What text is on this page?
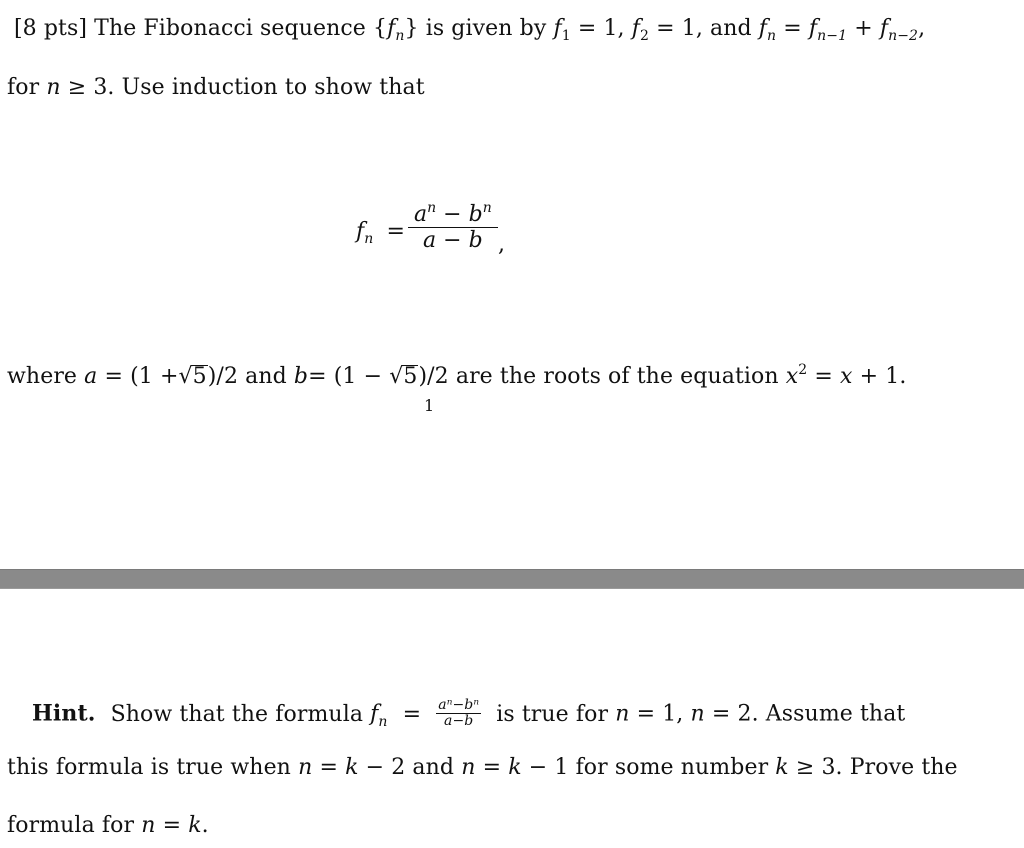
[8 pts] The Fibonacci sequence $\{f_n\}$ is given by $f_1 = 1$, $f_2 = 1$, and $f_n = f_{n-1} + f_{n-2}$,
for n ≥ 3. Use induction to show that
$f_n$ =
$a^n - b^n$
a − b ,
where a = (1 +√5)/2 and b= (1 − √5)/2 are the roots of the equation $x^2 = x + 1$.
1
Hint. Show that the formula $f_n = \frac{\text{aⁿ−bⁿ}}{a-b}$ is true for n = 1, n = 2. Assume that
this formula is true when n = k − 2 and n = k − 1 for some number k ≥ 3. Prove the
formula for n = k.
